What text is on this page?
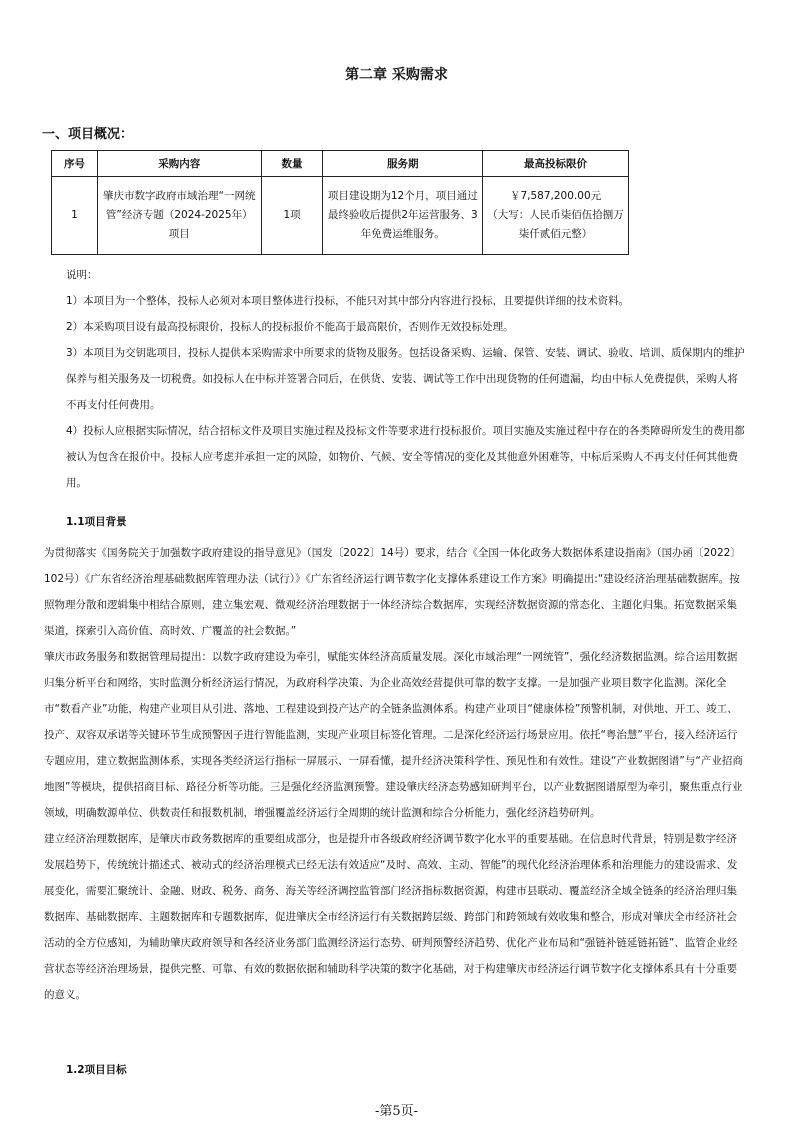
第二章 采购需求
一、项目概况：
序号	采购内容	数量	服务期	最高投标限价
1	肇庆市数字政府市域治理“一网统管”经济专题（2024-2025年）项目	1项	项目建设期为12个月，项目通过最终验收后提供2年运营服务、3年免费运维服务。	￥7,587,200.00元
（大写：人民币柒佰伍拾捌万柒仟贰佰元整）

说明：

1）本项目为一个整体，投标人必须对本项目整体进行投标，不能只对其中部分内容进行投标，且要提供详细的技术资料。

2）本采购项目设有最高投标限价，投标人的投标报价不能高于最高限价，否则作无效投标处理。

3）本项目为交钥匙项目，投标人提供本采购需求中所要求的货物及服务。包括设备采购、运输、保管、安装、调试、验收、培训、质保期内的维护保养与相关服务及一切税费。如投标人在中标并签署合同后，在供货、安装、调试等工作中出现货物的任何遗漏，均由中标人免费提供，采购人将不再支付任何费用。

4）投标人应根据实际情况，结合招标文件及项目实施过程及投标文件等要求进行投标报价。项目实施及实施过程中存在的各类障碍所发生的费用都被认为包含在报价中。投标人应考虑并承担一定的风险，如物价、气候、安全等情况的变化及其他意外困难等，中标后采购人不再支付任何其他费用。

1.1项目背景

为贯彻落实《国务院关于加强数字政府建设的指导意见》（国发〔2022〕14号）要求，结合《全国一体化政务大数据体系建设指南》（国办函〔2022〕102号）《广东省经济治理基础数据库管理办法（试行）》《广东省经济运行调节数字化支撑体系建设工作方案》明确提出:“建设经济治理基础数据库。按照物理分散和逻辑集中相结合原则，建立集宏观、微观经济治理数据于一体经济综合数据库，实现经济数据资源的常态化、主题化归集。拓宽数据采集渠道，探索引入高价值、高时效、广覆盖的社会数据。”

肇庆市政务服务和数据管理局提出：以数字政府建设为牵引，赋能实体经济高质量发展。深化市域治理“一网统管”，强化经济数据监测。综合运用数据归集分析平台和网络，实时监测分析经济运行情况，为政府科学决策、为企业高效经营提供可靠的数字支撑。一是加强产业项目数字化监测。深化全市“数看产业”功能，构建产业项目从引进、落地、工程建设到投产达产的全链条监测体系。构建产业项目“健康体检”预警机制，对供地、开工、竣工、投产、双容双承诺等关键环节生成预警因子进行智能监测，实现产业项目标签化管理。二是深化经济运行场景应用。依托“粤治慧”平台，接入经济运行专题应用，建立数据监测体系，实现各类经济运行指标一屏展示、一屏看懂，提升经济决策科学性、预见性和有效性。建设“产业数据图谱”与“产业招商地图”等模块，提供招商目标、路径分析等功能。三是强化经济监测预警。建设肇庆经济态势感知研判平台，以产业数据图谱原型为牵引，聚焦重点行业领域，明确数源单位、供数责任和报数机制，增强覆盖经济运行全周期的统计监测和综合分析能力，强化经济趋势研判。

建立经济治理数据库，是肇庆市政务数据库的重要组成部分，也是提升市各级政府经济调节数字化水平的重要基础。在信息时代背景，特别是数字经济发展趋势下，传统统计描述式、被动式的经济治理模式已经无法有效适应“及时、高效、主动、智能”的现代化经济治理体系和治理能力的建设需求、发展变化，需要汇聚统计、金融、财政、税务、商务、海关等经济调控监管部门经济指标数据资源，构建市县联动、覆盖经济全域全链条的经济治理归集数据库、基础数据库、主题数据库和专题数据库，促进肇庆全市经济运行有关数据跨层级、跨部门和跨领域有效收集和整合，形成对肇庆全市经济社会活动的全方位感知，为辅助肇庆政府领导和各经济业务部门监测经济运行态势、研判预警经济趋势、优化产业布局和“强链补链延链拓链”、监管企业经营状态等经济治理场景，提供完整、可靠、有效的数据依据和辅助科学决策的数字化基础，对于构建肇庆市经济运行调节数字化支撑体系具有十分重要的意义。

1.2项目目标
-第5页-
